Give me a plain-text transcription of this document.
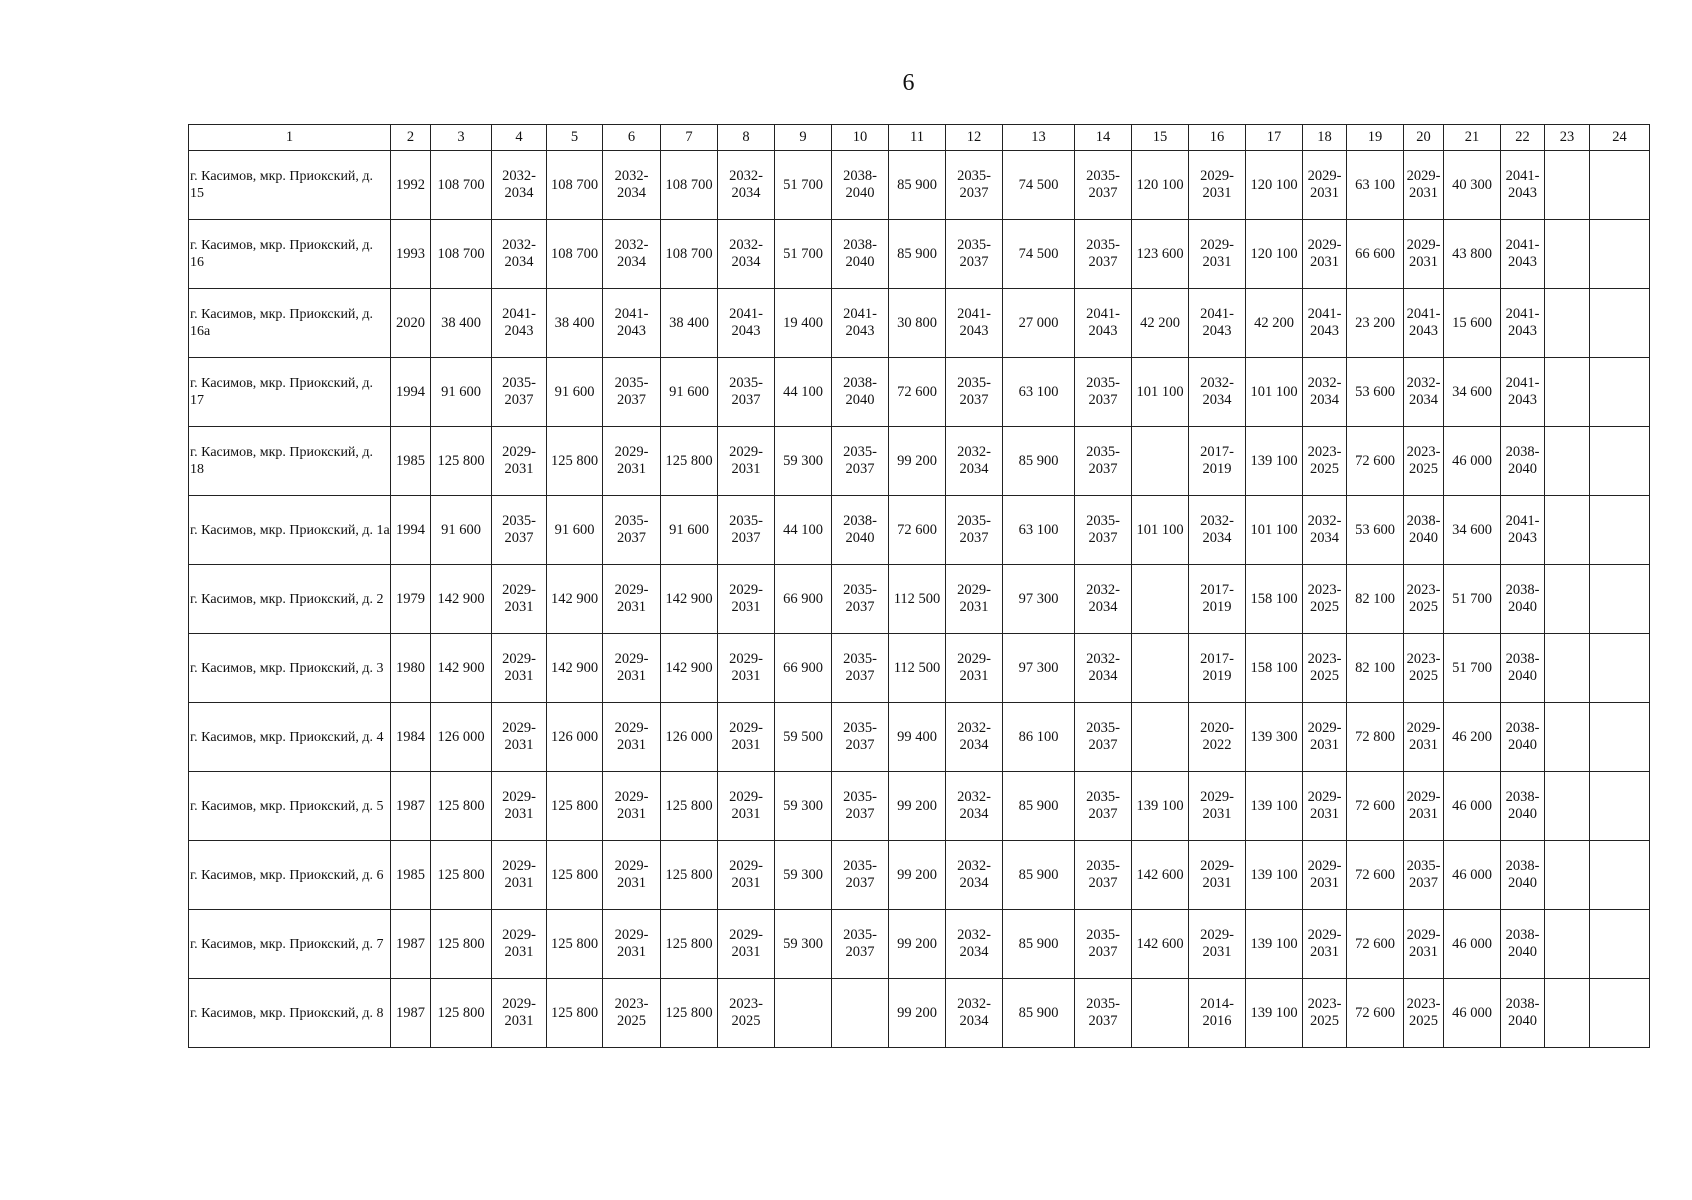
6
1	2	3	4	5	6	7	8	9	10	11	12	13	14	15	16	17	18	19	20	21	22	23	24
г. Касимов, мкр. Приокский, д. 15	1992	108 700	2032-
2034	108 700	2032-
2034	108 700	2032-
2034	51 700	2038-
2040	85 900	2035-
2037	74 500	2035-
2037	120 100	2029-
2031	120 100	2029-
2031	63 100	2029-
2031	40 300	2041-
2043		
г. Касимов, мкр. Приокский, д. 16	1993	108 700	2032-
2034	108 700	2032-
2034	108 700	2032-
2034	51 700	2038-
2040	85 900	2035-
2037	74 500	2035-
2037	123 600	2029-
2031	120 100	2029-
2031	66 600	2029-
2031	43 800	2041-
2043		
г. Касимов, мкр. Приокский, д. 16а	2020	38 400	2041-
2043	38 400	2041-
2043	38 400	2041-
2043	19 400	2041-
2043	30 800	2041-
2043	27 000	2041-
2043	42 200	2041-
2043	42 200	2041-
2043	23 200	2041-
2043	15 600	2041-
2043		
г. Касимов, мкр. Приокский, д. 17	1994	91 600	2035-
2037	91 600	2035-
2037	91 600	2035-
2037	44 100	2038-
2040	72 600	2035-
2037	63 100	2035-
2037	101 100	2032-
2034	101 100	2032-
2034	53 600	2032-
2034	34 600	2041-
2043		
г. Касимов, мкр. Приокский, д. 18	1985	125 800	2029-
2031	125 800	2029-
2031	125 800	2029-
2031	59 300	2035-
2037	99 200	2032-
2034	85 900	2035-
2037		2017-
2019	139 100	2023-
2025	72 600	2023-
2025	46 000	2038-
2040		
г. Касимов, мкр. Приокский, д. 1а	1994	91 600	2035-
2037	91 600	2035-
2037	91 600	2035-
2037	44 100	2038-
2040	72 600	2035-
2037	63 100	2035-
2037	101 100	2032-
2034	101 100	2032-
2034	53 600	2038-
2040	34 600	2041-
2043		
г. Касимов, мкр. Приокский, д. 2	1979	142 900	2029-
2031	142 900	2029-
2031	142 900	2029-
2031	66 900	2035-
2037	112 500	2029-
2031	97 300	2032-
2034		2017-
2019	158 100	2023-
2025	82 100	2023-
2025	51 700	2038-
2040		
г. Касимов, мкр. Приокский, д. 3	1980	142 900	2029-
2031	142 900	2029-
2031	142 900	2029-
2031	66 900	2035-
2037	112 500	2029-
2031	97 300	2032-
2034		2017-
2019	158 100	2023-
2025	82 100	2023-
2025	51 700	2038-
2040		
г. Касимов, мкр. Приокский, д. 4	1984	126 000	2029-
2031	126 000	2029-
2031	126 000	2029-
2031	59 500	2035-
2037	99 400	2032-
2034	86 100	2035-
2037		2020-
2022	139 300	2029-
2031	72 800	2029-
2031	46 200	2038-
2040		
г. Касимов, мкр. Приокский, д. 5	1987	125 800	2029-
2031	125 800	2029-
2031	125 800	2029-
2031	59 300	2035-
2037	99 200	2032-
2034	85 900	2035-
2037	139 100	2029-
2031	139 100	2029-
2031	72 600	2029-
2031	46 000	2038-
2040		
г. Касимов, мкр. Приокский, д. 6	1985	125 800	2029-
2031	125 800	2029-
2031	125 800	2029-
2031	59 300	2035-
2037	99 200	2032-
2034	85 900	2035-
2037	142 600	2029-
2031	139 100	2029-
2031	72 600	2035-
2037	46 000	2038-
2040		
г. Касимов, мкр. Приокский, д. 7	1987	125 800	2029-
2031	125 800	2029-
2031	125 800	2029-
2031	59 300	2035-
2037	99 200	2032-
2034	85 900	2035-
2037	142 600	2029-
2031	139 100	2029-
2031	72 600	2029-
2031	46 000	2038-
2040		
г. Касимов, мкр. Приокский, д. 8	1987	125 800	2029-
2031	125 800	2023-
2025	125 800	2023-
2025			99 200	2032-
2034	85 900	2035-
2037		2014-
2016	139 100	2023-
2025	72 600	2023-
2025	46 000	2038-
2040		
